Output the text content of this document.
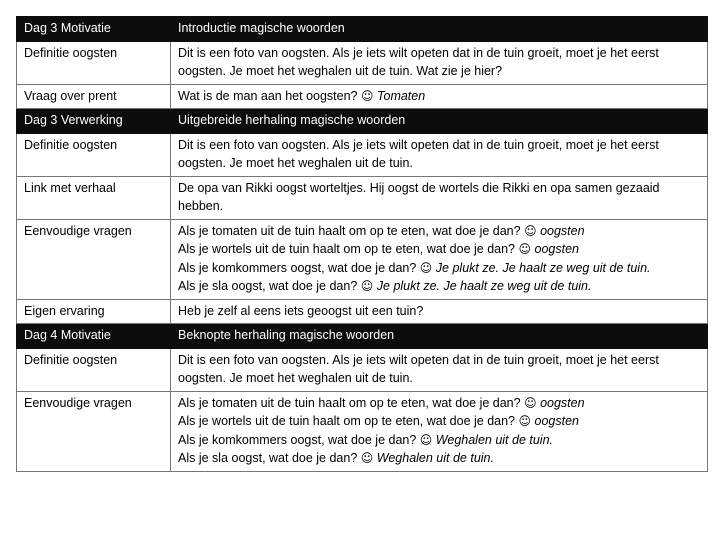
Dag 3 Motivatie	Introductie magische woorden
Definitie oogsten	Dit is een foto van oogsten. Als je iets wilt opeten dat in de tuin groeit, moet je het eerst oogsten. Je moet het weghalen uit de tuin. Wat zie je hier?

Vraag over prent	Wat is de man aan het oogsten? ☺ Tomaten

Dag 3 Verwerking	Uitgebreide herhaling magische woorden
Definitie oogsten	Dit is een foto van oogsten. Als je iets wilt opeten dat in de tuin groeit, moet je het eerst oogsten. Je moet het weghalen uit de tuin.

Link met verhaal	De opa van Rikki oogst worteltjes. Hij oogst de wortels die Rikki en opa samen gezaaid hebben.

Eenvoudige vragen	Als je tomaten uit de tuin haalt om op te eten, wat doe je dan? ☺ oogsten
Als je wortels uit de tuin haalt om op te eten, wat doe je dan? ☺ oogsten
Als je komkommers oogst, wat doe je dan? ☺ Je plukt ze. Je haalt ze weg uit de tuin.
Als je sla oogst, wat doe je dan? ☺ Je plukt ze. Je haalt ze weg uit de tuin.

Eigen ervaring	Heb je zelf al eens iets geoogst uit een tuin?

Dag 4 Motivatie	Beknopte herhaling magische woorden
Definitie oogsten	Dit is een foto van oogsten. Als je iets wilt opeten dat in de tuin groeit, moet je het eerst oogsten. Je moet het weghalen uit de tuin.

Eenvoudige vragen	Als je tomaten uit de tuin haalt om op te eten, wat doe je dan? ☺ oogsten
Als je wortels uit de tuin haalt om op te eten, wat doe je dan? ☺ oogsten
Als je komkommers oogst, wat doe je dan? ☺ Weghalen uit de tuin.
Als je sla oogst, wat doe je dan? ☺ Weghalen uit de tuin.
